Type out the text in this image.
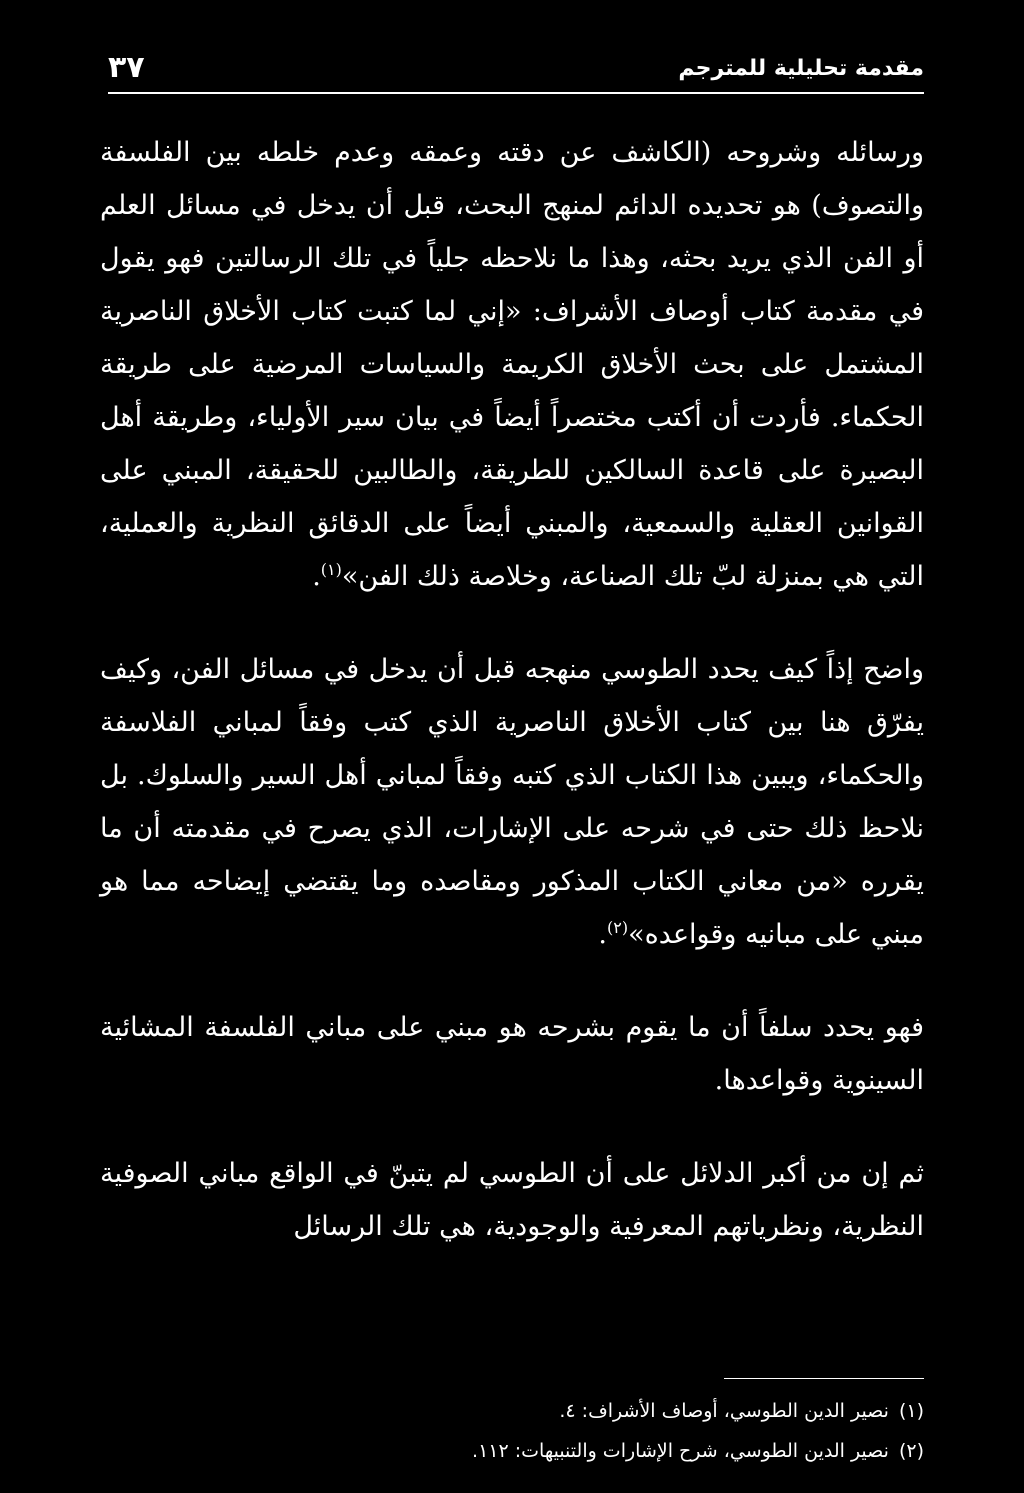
مقدمة تحليلية للمترجم
٣٧

ورسائله وشروحه (الكاشف عن دقته وعمقه وعدم خلطه بين الفلسفة والتصوف) هو تحديده الدائم لمنهج البحث، قبل أن يدخل في مسائل العلم أو الفن الذي يريد بحثه، وهذا ما نلاحظه جلياً في تلك الرسالتين فهو يقول في مقدمة كتاب أوصاف الأشراف: «إني لما كتبت كتاب الأخلاق الناصرية المشتمل على بحث الأخلاق الكريمة والسياسات المرضية على طريقة الحكماء. فأردت أن أكتب مختصراً أيضاً في بيان سير الأولياء، وطريقة أهل البصيرة على قاعدة السالكين للطريقة، والطالبين للحقيقة، المبني على القوانين العقلية والسمعية، والمبني أيضاً على الدقائق النظرية والعملية، التي هي بمنزلة لبّ تلك الصناعة، وخلاصة ذلك الفن»$^{(١)}$.

واضح إذاً كيف يحدد الطوسي منهجه قبل أن يدخل في مسائل الفن، وكيف يفرّق هنا بين كتاب الأخلاق الناصرية الذي كتب وفقاً لمباني الفلاسفة والحكماء، ويبين هذا الكتاب الذي كتبه وفقاً لمباني أهل السير والسلوك. بل نلاحظ ذلك حتى في شرحه على الإشارات، الذي يصرح في مقدمته أن ما يقرره «من معاني الكتاب المذكور ومقاصده وما يقتضي إيضاحه مما هو مبني على مبانيه وقواعده»$^{(٢)}$.

فهو يحدد سلفاً أن ما يقوم بشرحه هو مبني على مباني الفلسفة المشائية السينوية وقواعدها.

ثم إن من أكبر الدلائل على أن الطوسي لم يتبنّ في الواقع مباني الصوفية النظرية، ونظرياتهم المعرفية والوجودية، هي تلك الرسائل

(١)نصير الدين الطوسي، أوصاف الأشراف: ٤.
(٢)نصير الدين الطوسي، شرح الإشارات والتنبيهات: ١١٢.
